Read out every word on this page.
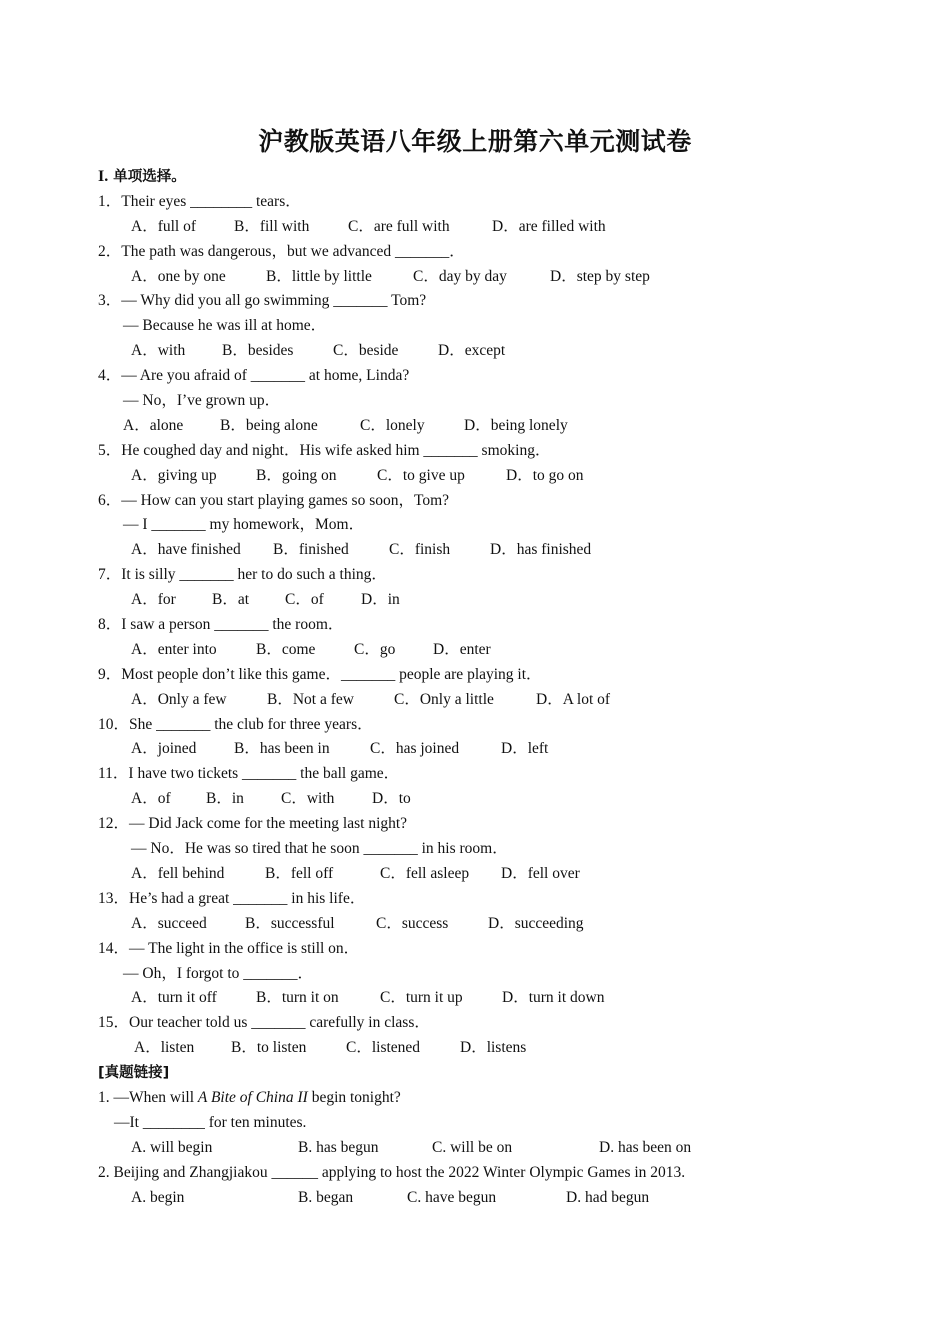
沪教版英语八年级上册第六单元测试卷
I. 单项选择。
1．Their eyes ________ tears．
A．full of B．fill with C．are full with	D．are filled with
2．The path was dangerous，but we advanced _______．
A．one by one	B．little by little	C．day by day	D．step by step
3．— Why did you all go swimming _______ Tom?
— Because he was ill at home．
A．with B．besides	C．beside	D．except
4．— Are you afraid of _______ at home, Linda?
— No，I’ve grown up．
A．alone B．being alone	C．lonely	D．being lonely
5．He coughed day and night．His wife asked him _______ smoking．
A．giving up	B．going on	C．to give up	D．to go on
6．— How can you start playing games so soon，Tom?
— I _______ my homework，Mom．
A．have finished B．finished	C．finish	D．has finished
7．It is silly _______ her to do such a thing．
A．for B．at C．of D．in
8．I saw a person _______ the room．
A．enter into	B．come C．go D．enter
9．Most people don’t like this game．_______ people are playing it．
A．Only a few	B．Not a few	C．Only a little	D．A lot of
10．She _______ the club for three years．
A．joined B．has been in	C．has joined	D．left
11．I have two tickets _______ the ball game．
A．of B．in C．with D．to
12．— Did Jack come for the meeting last night?
— No．He was so tired that he soon _______ in his room．
A．fell behind	B．fell off	C．fell asleep D．fell over
13．He’s had a great _______ in his life．
A．succeed B．successful	C．success	D．succeeding
14．— The light in the office is still on．
— Oh，I forgot to _______．
A．turn it off	B．turn it on	C．turn it up	D．turn it down
15．Our teacher told us _______ carefully in class．
A．listen B．to listen	C．listened	D．listens
[真题链接]
1. —When will A Bite of China II begin tonight?
—It ________ for ten minutes.
A. will begin	B. has begun	C. will be on	D. has been on
2. Beijing and Zhangjiakou ______ applying to host the 2022 Winter Olympic Games in 2013.
A. begin	B. began	C. have begun	D. had begun
